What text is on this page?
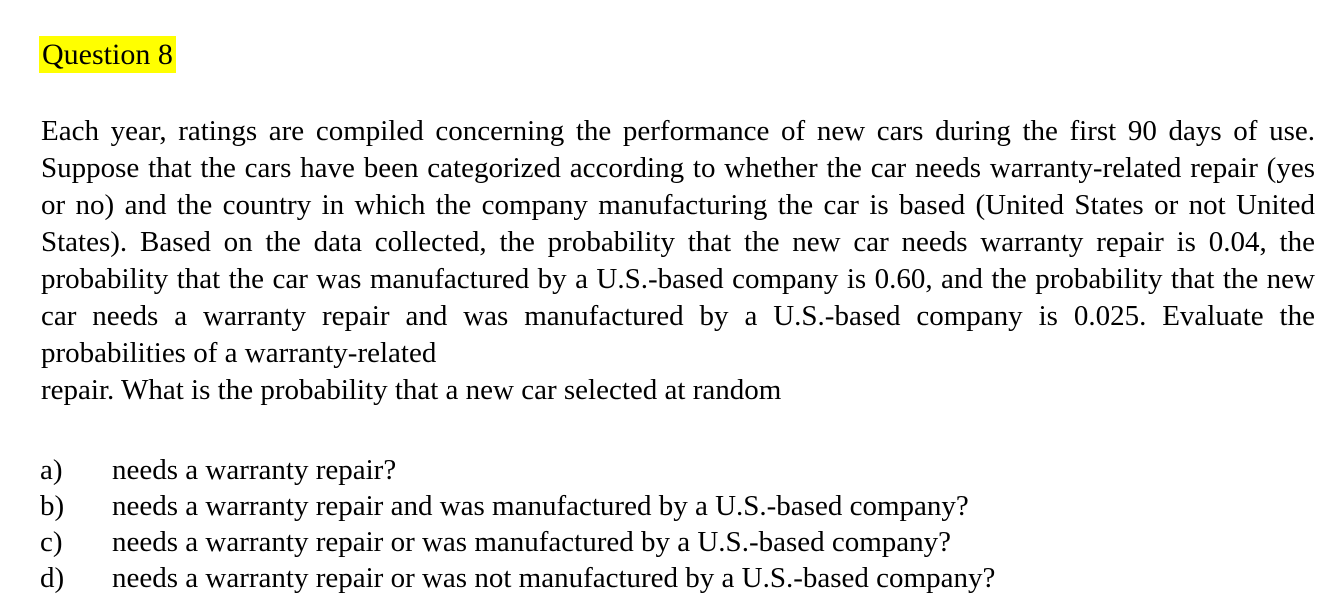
Question 8
Each year, ratings are compiled concerning the performance of new cars during the first 90 days of use. Suppose that the cars have been categorized according to whether the car needs warranty-related repair (yes or no) and the country in which the company manufacturing the car is based (United States or not United States). Based on the data collected, the probability that the new car needs warranty repair is 0.04, the probability that the car was manufactured by a U.S.-based company is 0.60, and the probability that the new car needs a warranty repair and was manufactured by a U.S.-based company is 0.025. Evaluate the probabilities of a warranty-related
repair. What is the probability that a new car selected at random
a)	needs a warranty repair?
b)	needs a warranty repair and was manufactured by a U.S.-based company?
c)	needs a warranty repair or was manufactured by a U.S.-based company?
d)	needs a warranty repair or was not manufactured by a U.S.-based company?
